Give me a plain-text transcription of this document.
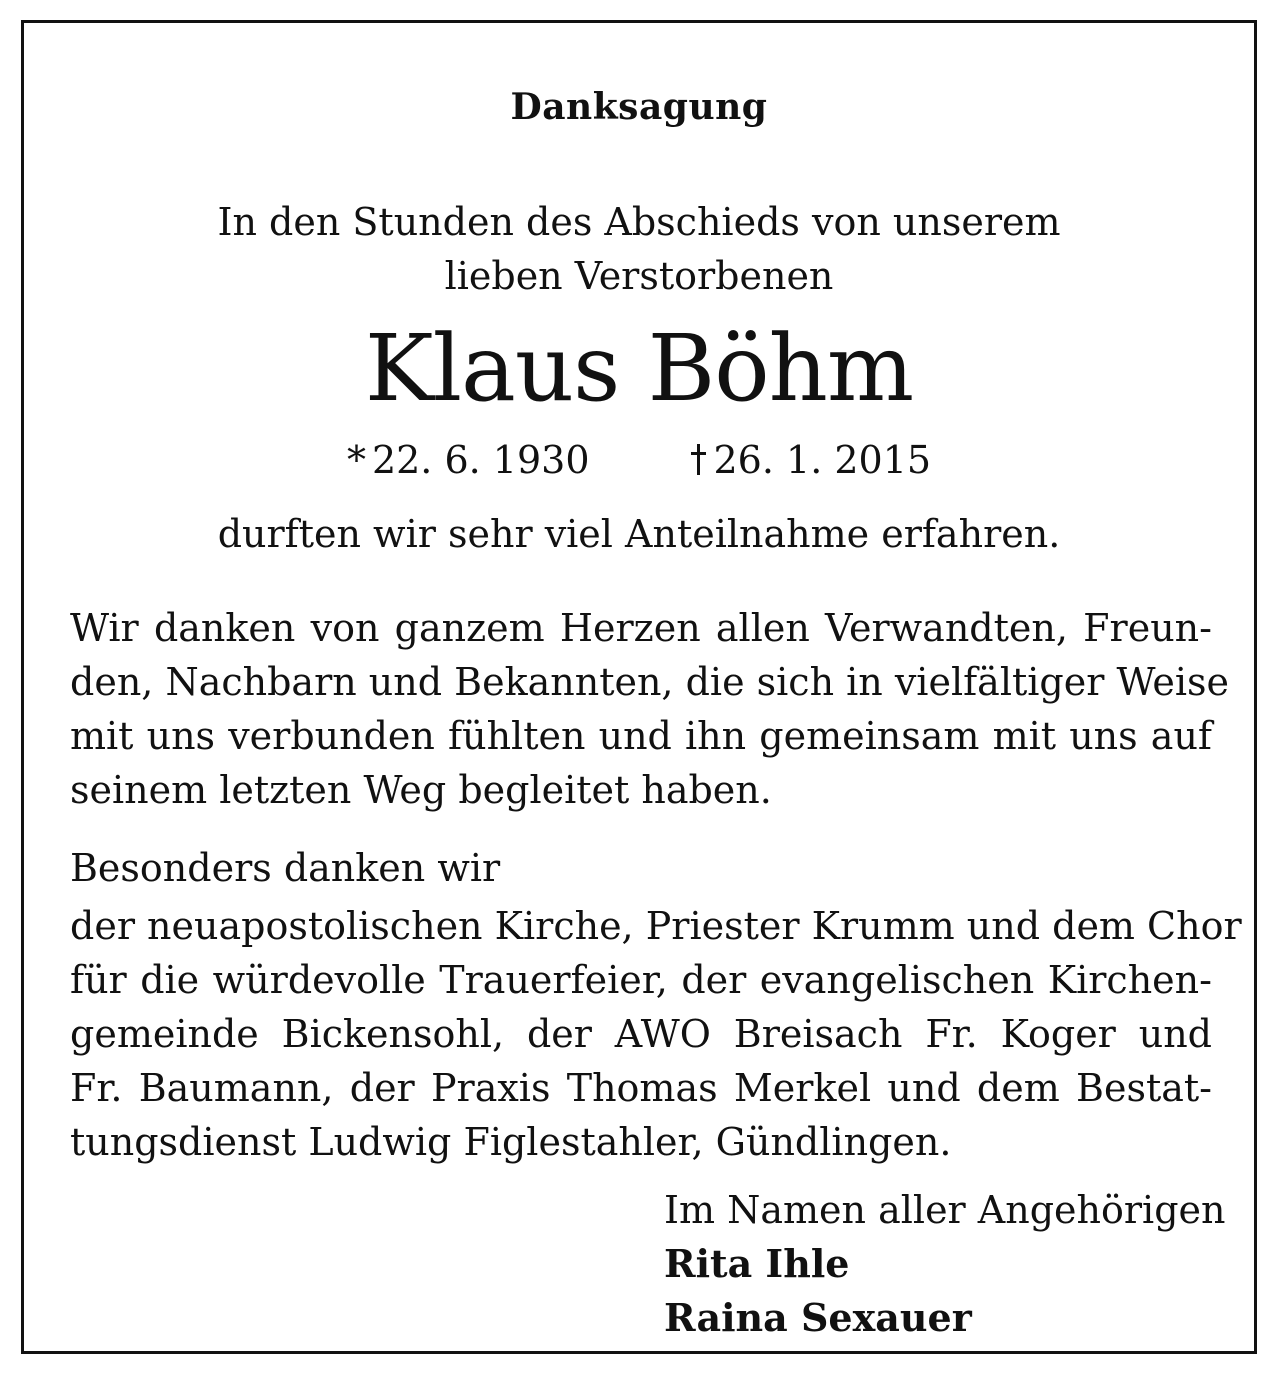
Danksagung
In den Stunden des Abschieds von unserem
lieben Verstorbenen
Klaus Böhm
* 22. 6. 1930	26. 1. 2015
durften wir sehr viel Anteilnahme erfahren.
Wir danken von ganzem Herzen allen Verwandten, Freun-
den, Nachbarn und Bekannten, die sich in vielfältiger Weise
mit uns verbunden fühlten und ihn gemeinsam mit uns auf
seinem letzten Weg begleitet haben.
Besonders danken wir
der neuapostolischen Kirche, Priester Krumm und dem Chor
für die würdevolle Trauerfeier, der evangelischen Kirchen-
gemeinde Bickensohl, der AWO Breisach Fr. Koger und
Fr. Baumann, der Praxis Thomas Merkel und dem Bestat-
tungsdienst Ludwig Figlestahler, Gündlingen.
Im Namen aller Angehörigen
Rita Ihle
Raina Sexauer
